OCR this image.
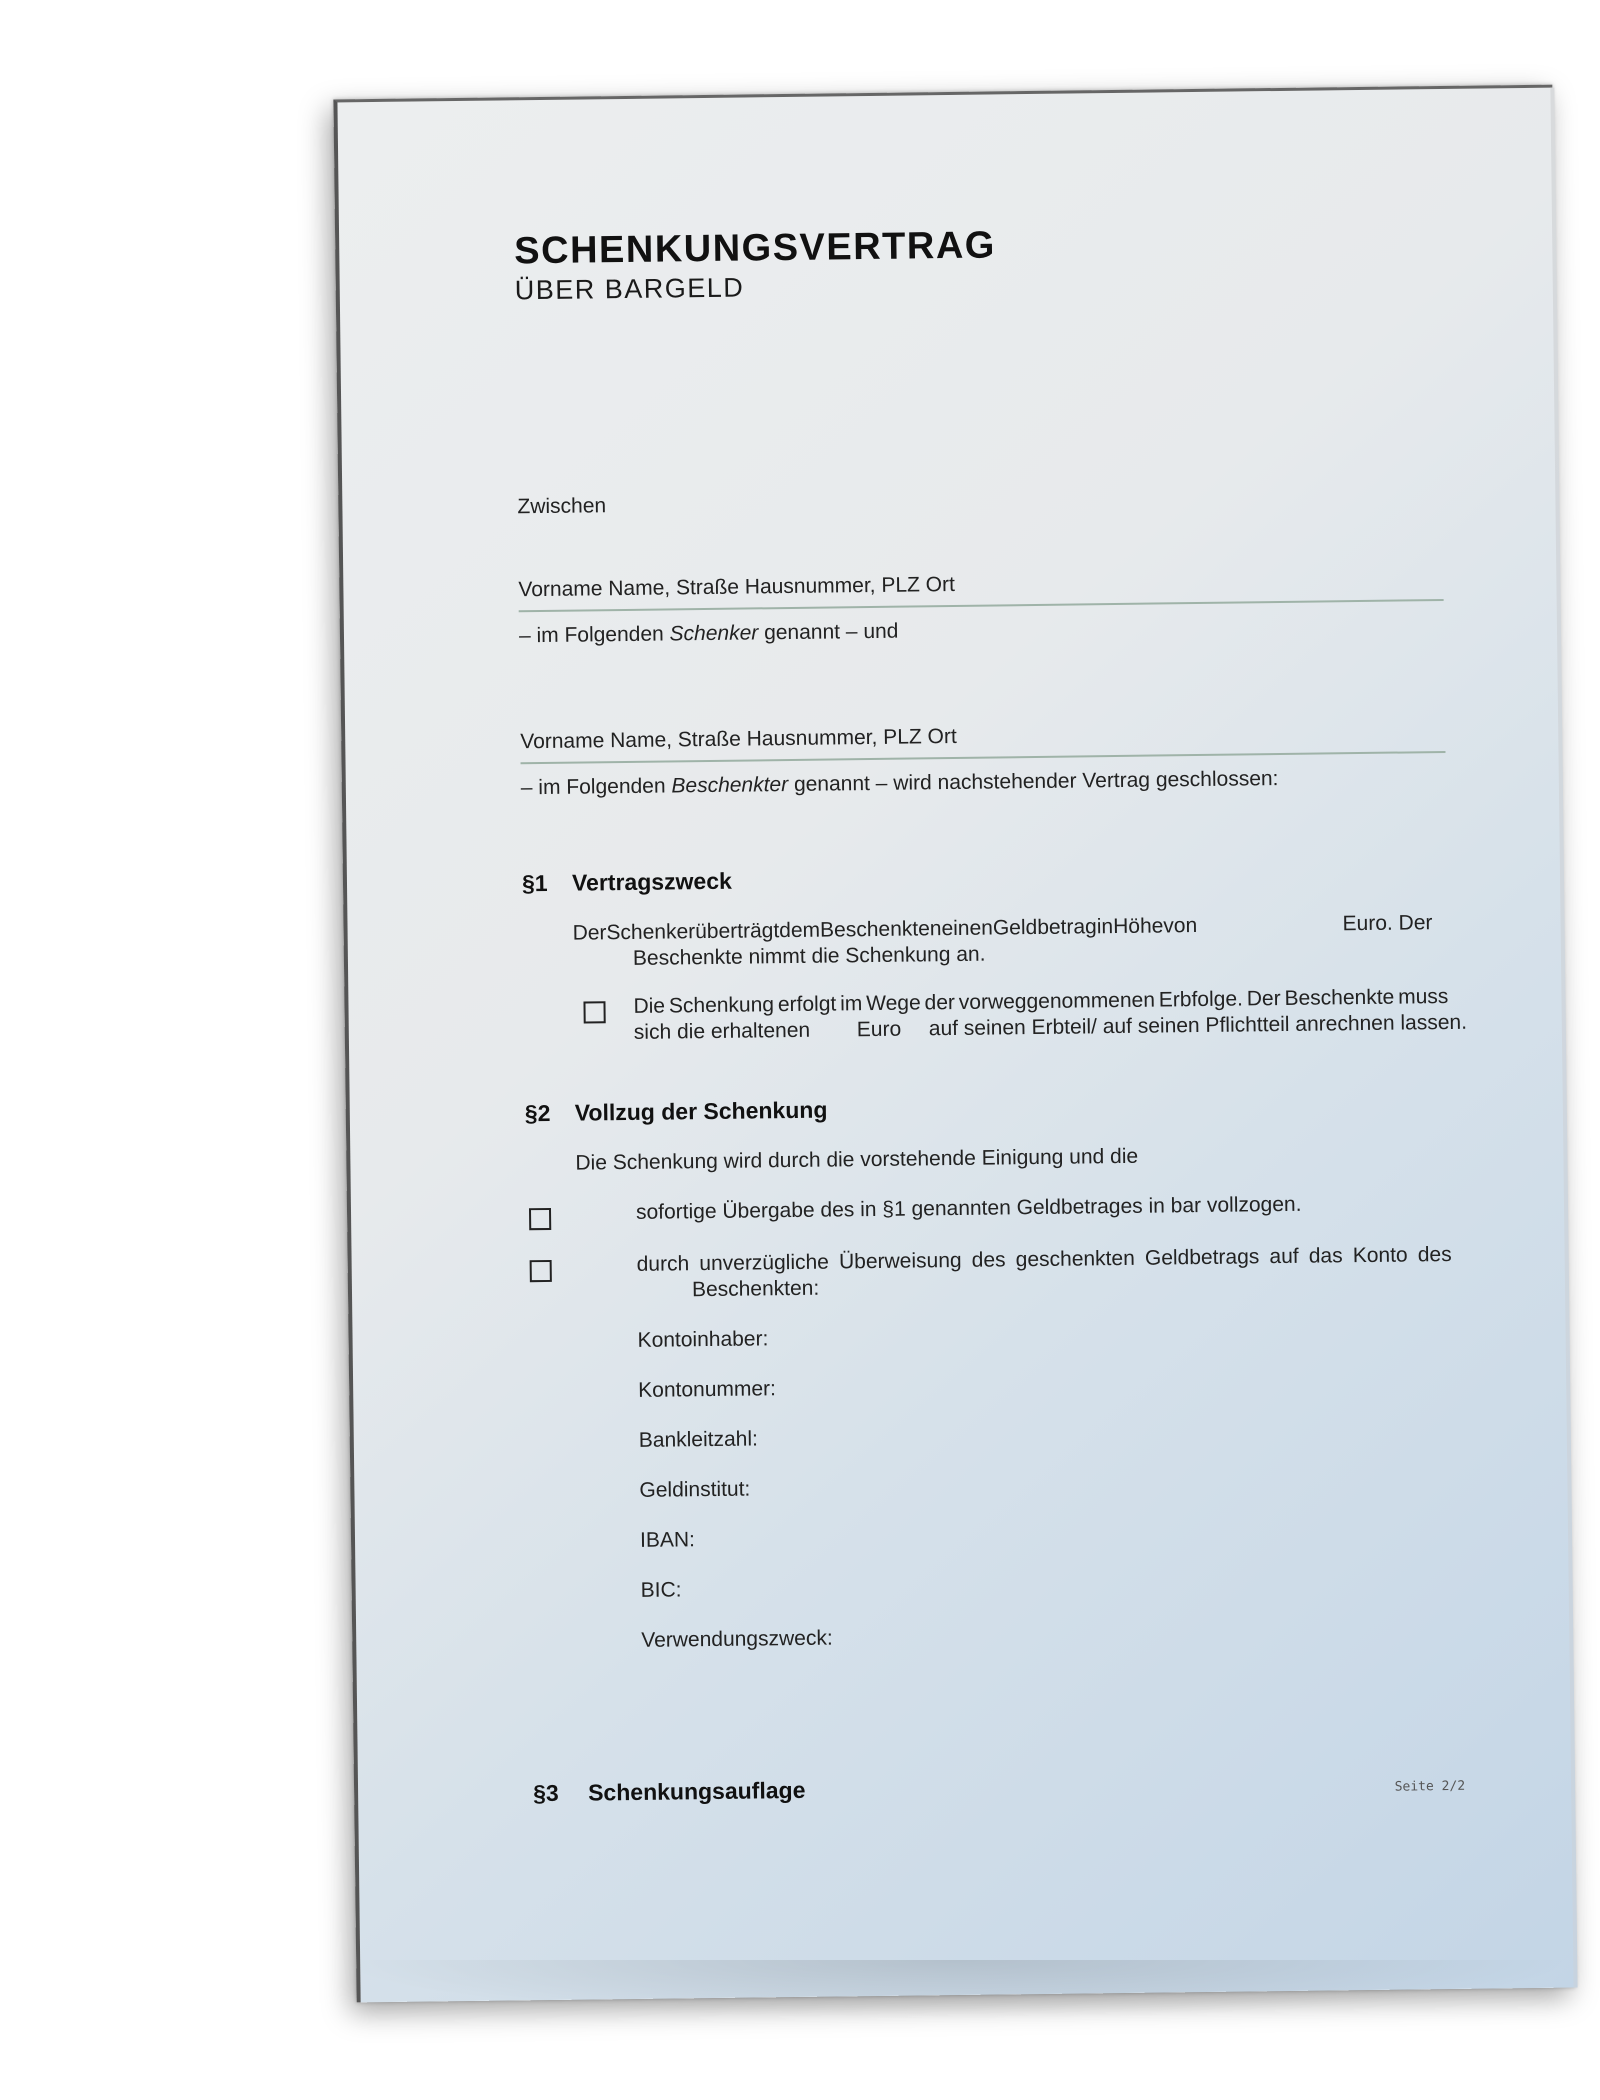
SCHENKUNGSVERTRAG
ÜBER BARGELD
Zwischen
Vorname Name, Straße Hausnummer, PLZ Ort
– im Folgenden Schenker genannt – und
Vorname Name, Straße Hausnummer, PLZ Ort
– im Folgenden Beschenkter genannt – wird nachstehender Vertrag geschlossen:
§1 Vertragszweck
Der Schenker überträgt dem Beschenkten einen Geldbetrag in Höhe von	Euro. Der
Beschenkte nimmt die Schenkung an.
Die Schenkung erfolgt im Wege der vorweggenommenen Erbfolge. Der Beschenkte muss
sich die erhaltenen Euro auf seinen Erbteil/ auf seinen Pflichtteil anrechnen lassen.
§2 Vollzug der Schenkung
Die Schenkung wird durch die vorstehende Einigung und die
sofortige Übergabe des in §1 genannten Geldbetrages in bar vollzogen.
durch unverzügliche Überweisung des geschenkten Geldbetrags auf das Konto des
Beschenkten:
Kontoinhaber:
Kontonummer:
Bankleitzahl:
Geldinstitut:
IBAN:
BIC:
Verwendungszweck:
§3 Schenkungsauflage	Seite 2/2
